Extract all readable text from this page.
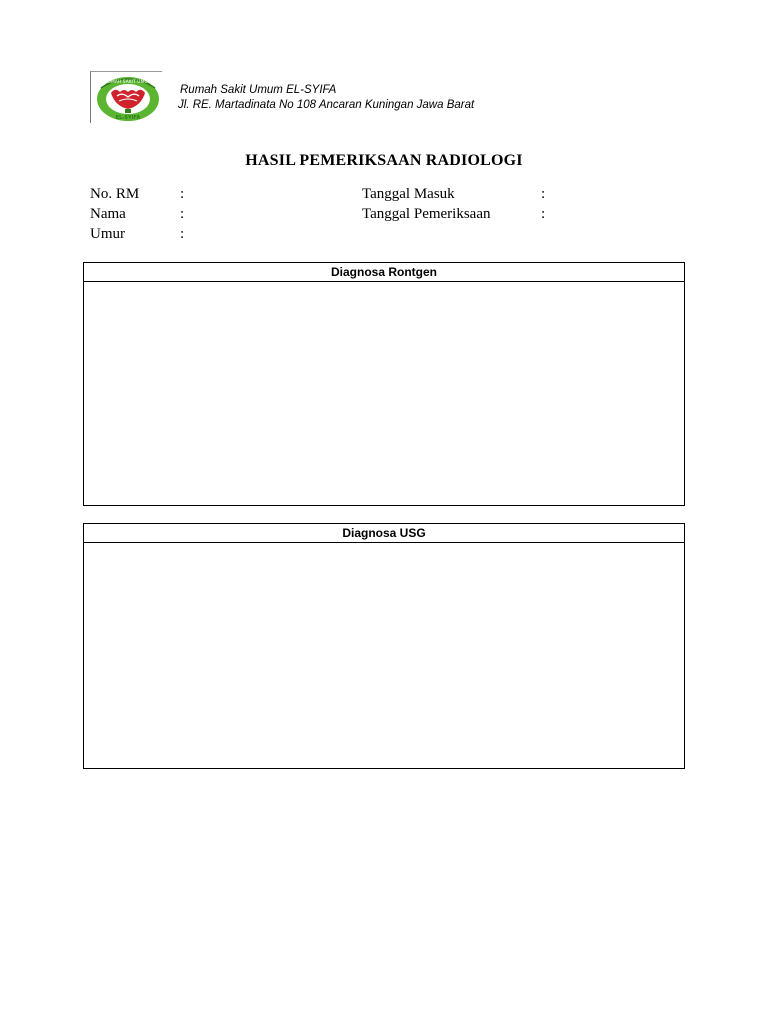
RUMAH SAKIT UMUM
EL-SYIFA
Rumah Sakit Umum EL-SYIFA
Jl. RE. Martadinata No 108 Ancaran Kuningan Jawa Barat
HASIL PEMERIKSAAN RADIOLOGI
No. RM	:
Nama	:
Umur	:
Tanggal Masuk	:
Tanggal Pemeriksaan	:
Diagnosa Rontgen
Diagnosa USG
